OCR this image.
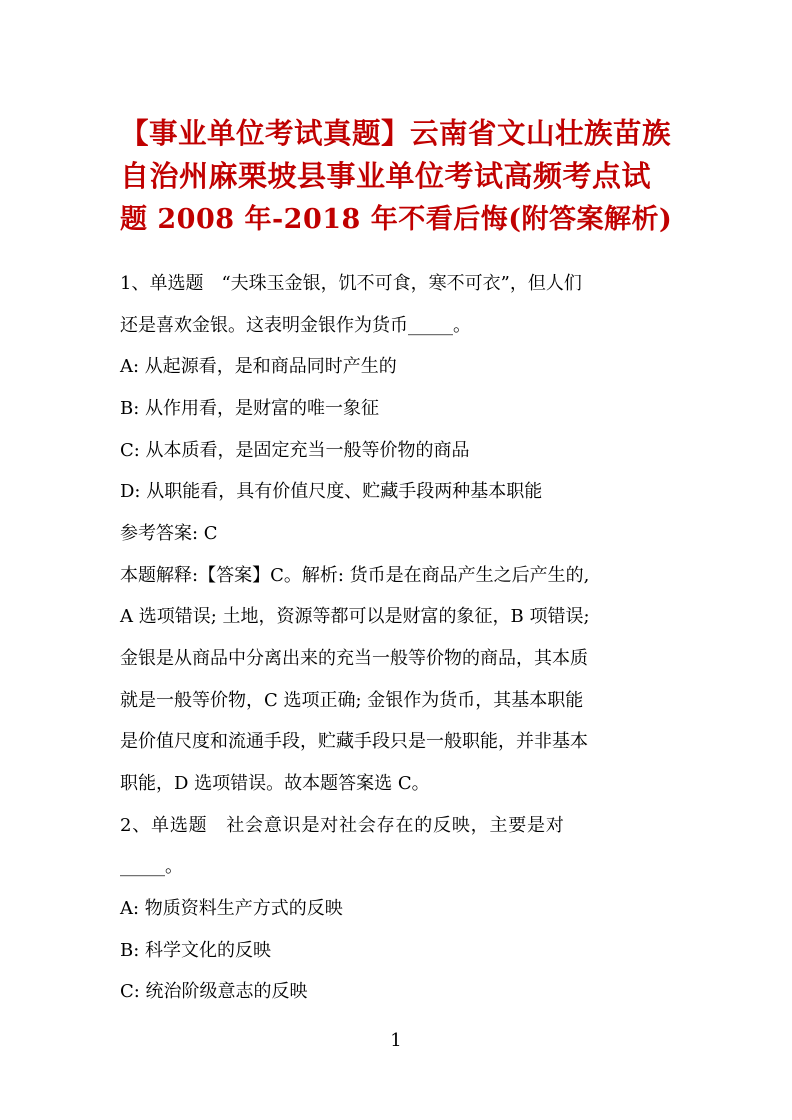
【事业单位考试真题】云南省文山壮族苗族
自治州麻栗坡县事业单位考试高频考点试
题 2008 年-2018 年不看后悔(附答案解析)
1、单选题　“夫珠玉金银，饥不可食，寒不可衣”，但人们
还是喜欢金银。这表明金银作为货币_____。
A: 从起源看，是和商品同时产生的
B: 从作用看，是财富的唯一象征
C: 从本质看，是固定充当一般等价物的商品
D: 从职能看，具有价值尺度、贮藏手段两种基本职能
参考答案: C
本题解释:【答案】C。解析: 货币是在商品产生之后产生的,
A 选项错误; 土地，资源等都可以是财富的象征，B 项错误;
金银是从商品中分离出来的充当一般等价物的商品，其本质
就是一般等价物，C 选项正确; 金银作为货币，其基本职能
是价值尺度和流通手段，贮藏手段只是一般职能，并非基本
职能，D 选项错误。故本题答案选 C。
2、单选题　社会意识是对社会存在的反映，主要是对
_____。
A: 物质资料生产方式的反映
B: 科学文化的反映
C: 统治阶级意志的反映
1
